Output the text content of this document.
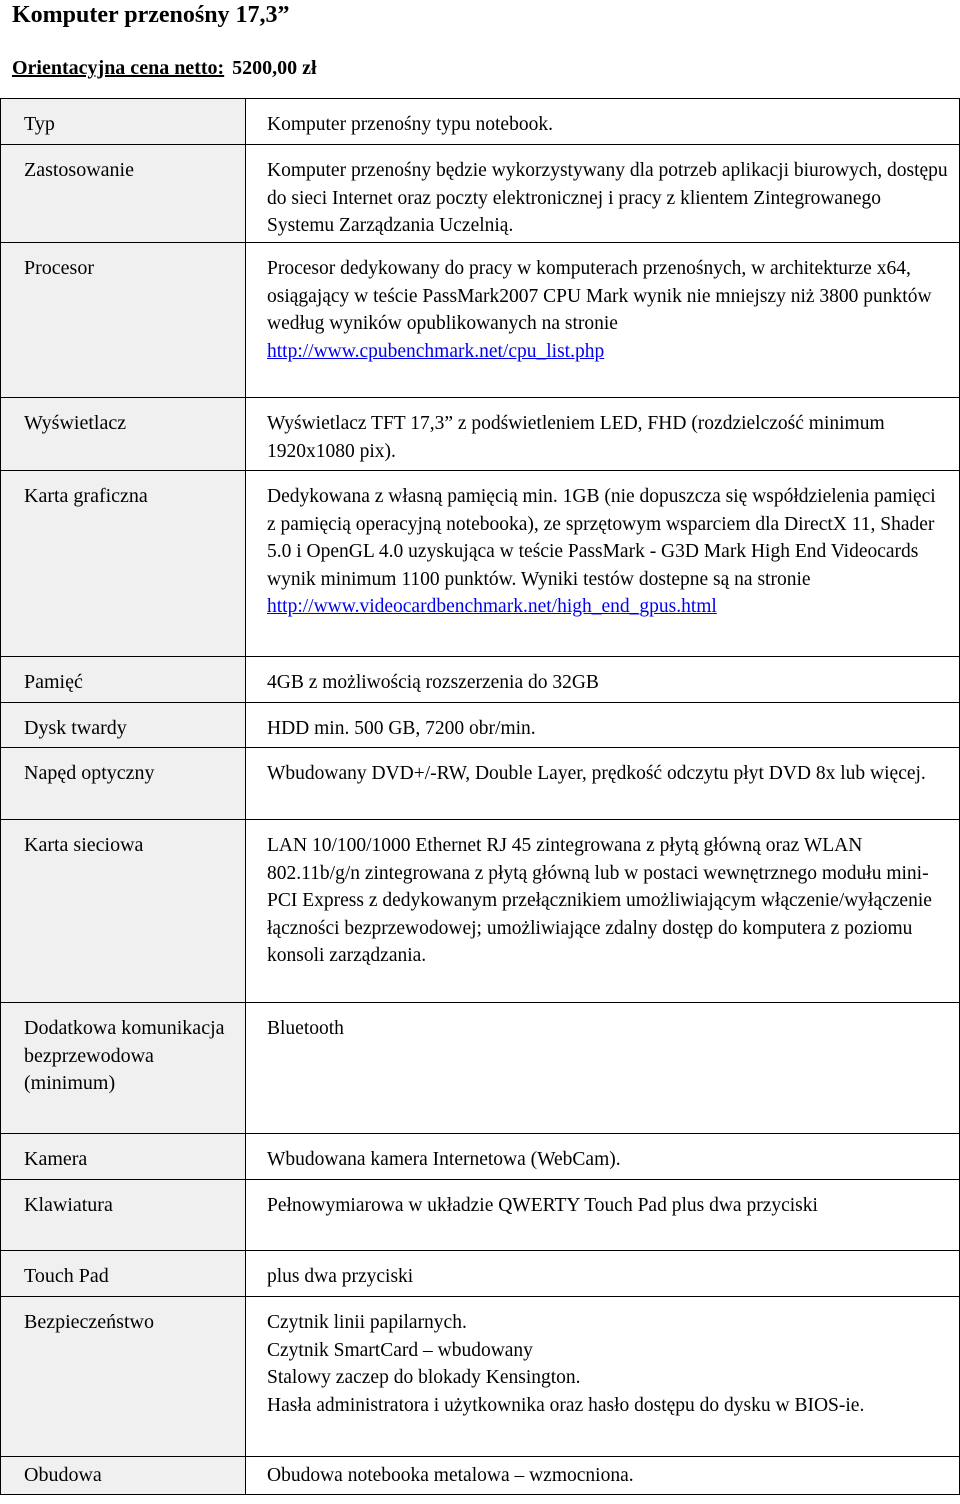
Komputer przenośny 17,3”
Orientacyjna cena netto: 5200,00 zł
Typ	Komputer przenośny typu notebook.
Zastosowanie	Komputer przenośny będzie wykorzystywany dla potrzeb aplikacji biurowych, dostępu do sieci Internet oraz poczty elektronicznej i pracy z klientem Zintegrowanego Systemu Zarządzania Uczelnią.
Procesor	Procesor dedykowany do pracy w komputerach przenośnych, w architekturze x64, osiągający w teście PassMark2007 CPU Mark wynik nie mniejszy niż 3800 punktów według wyników opublikowanych na stronie
http://www.cpubenchmark.net/cpu_list.php
Wyświetlacz	Wyświetlacz TFT 17,3” z podświetleniem LED, FHD (rozdzielczość minimum 1920x1080 pix).
Karta graficzna	Dedykowana z własną pamięcią min. 1GB (nie dopuszcza się współdzielenia pamięci z pamięcią operacyjną notebooka), ze sprzętowym wsparciem dla DirectX 11, Shader 5.0 i OpenGL 4.0 uzyskująca w teście PassMark - G3D Mark High End Videocards wynik minimum 1100 punktów. Wyniki testów dostepne są na stronie
http://www.videocardbenchmark.net/high_end_gpus.html
Pamięć	4GB z możliwością rozszerzenia do 32GB
Dysk twardy	HDD min. 500 GB, 7200 obr/min.
Napęd optyczny	Wbudowany DVD+/-RW, Double Layer, prędkość odczytu płyt DVD 8x lub więcej.
Karta sieciowa	LAN 10/100/1000 Ethernet RJ 45 zintegrowana z płytą główną oraz WLAN 802.11b/g/n zintegrowana z płytą główną lub w postaci wewnętrznego modułu mini-PCI Express z dedykowanym przełącznikiem umożliwiającym włączenie/wyłączenie łączności bezprzewodowej; umożliwiające zdalny dostęp do komputera z poziomu konsoli zarządzania.
Dodatkowa komunikacja bezprzewodowa (minimum)	Bluetooth
Kamera	Wbudowana kamera Internetowa (WebCam).
Klawiatura	Pełnowymiarowa w układzie QWERTY Touch Pad plus dwa przyciski
Touch Pad	plus dwa przyciski
Bezpieczeństwo	Czytnik linii papilarnych.
Czytnik SmartCard – wbudowany
Stalowy zaczep do blokady Kensington.
Hasła administratora i użytkownika oraz hasło dostępu do dysku w BIOS-ie.

Obudowa	Obudowa notebooka metalowa – wzmocniona.
